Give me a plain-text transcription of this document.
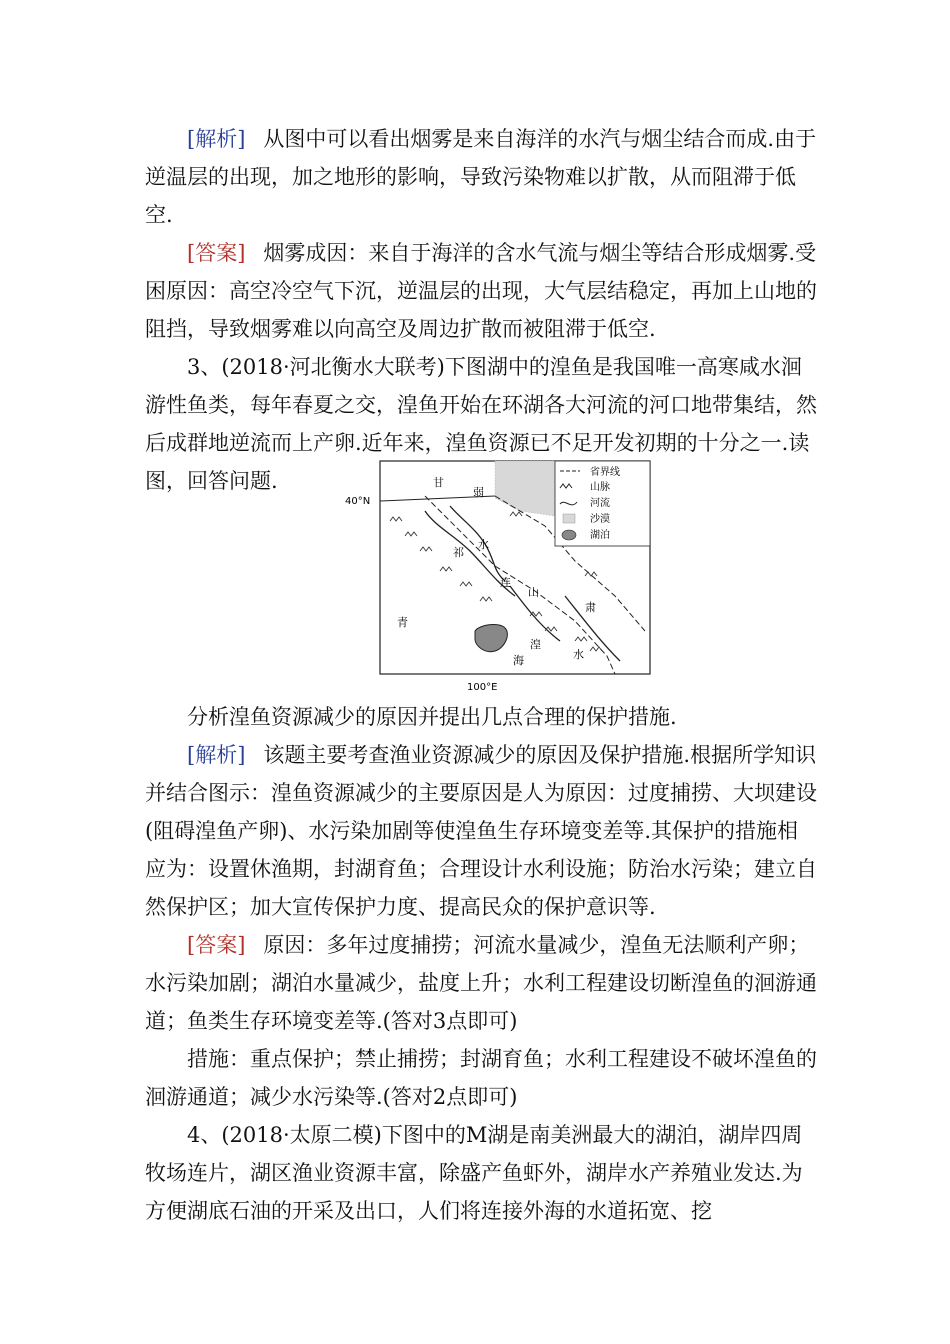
[解析] 从图中可以看出烟雾是来自海洋的水汽与烟尘结合而成.由于逆温层的出现，加之地形的影响，导致污染物难以扩散，从而阻滞于低空.

[答案] 烟雾成因：来自于海洋的含水气流与烟尘等结合形成烟雾.受困原因：高空冷空气下沉，逆温层的出现，大气层结稳定，再加上山地的阻挡，导致烟雾难以向高空及周边扩散而被阻滞于低空.

3、(2018·河北衡水大联考)下图湖中的湟鱼是我国唯一高寒咸水洄游性鱼类，每年春夏之交，湟鱼开始在环湖各大河流的河口地带集结，然后成群地逆流而上产卵.近年来，湟鱼资源已不足开发初期的十分之一.读图，回答问题.	省界线
山脉
河流
沙漠
湖泊
40°N
100°E
甘
弱
祁
水
连
山
肃
青
湟
海	水

分析湟鱼资源减少的原因并提出几点合理的保护措施.

[解析] 该题主要考查渔业资源减少的原因及保护措施.根据所学知识并结合图示：湟鱼资源减少的主要原因是人为原因：过度捕捞、大坝建设(阻碍湟鱼产卵)、水污染加剧等使湟鱼生存环境变差等.其保护的措施相应为：设置休渔期，封湖育鱼；合理设计水利设施；防治水污染；建立自然保护区；加大宣传保护力度、提高民众的保护意识等.

[答案] 原因：多年过度捕捞；河流水量减少，湟鱼无法顺利产卵；水污染加剧；湖泊水量减少，盐度上升；水利工程建设切断湟鱼的洄游通道；鱼类生存环境变差等.(答对3点即可)

措施：重点保护；禁止捕捞；封湖育鱼；水利工程建设不破坏湟鱼的洄游通道；减少水污染等.(答对2点即可)

4、(2018·太原二模)下图中的M湖是南美洲最大的湖泊，湖岸四周牧场连片，湖区渔业资源丰富，除盛产鱼虾外，湖岸水产养殖业发达.为方便湖底石油的开采及出口，人们将连接外海的水道拓宽、挖
